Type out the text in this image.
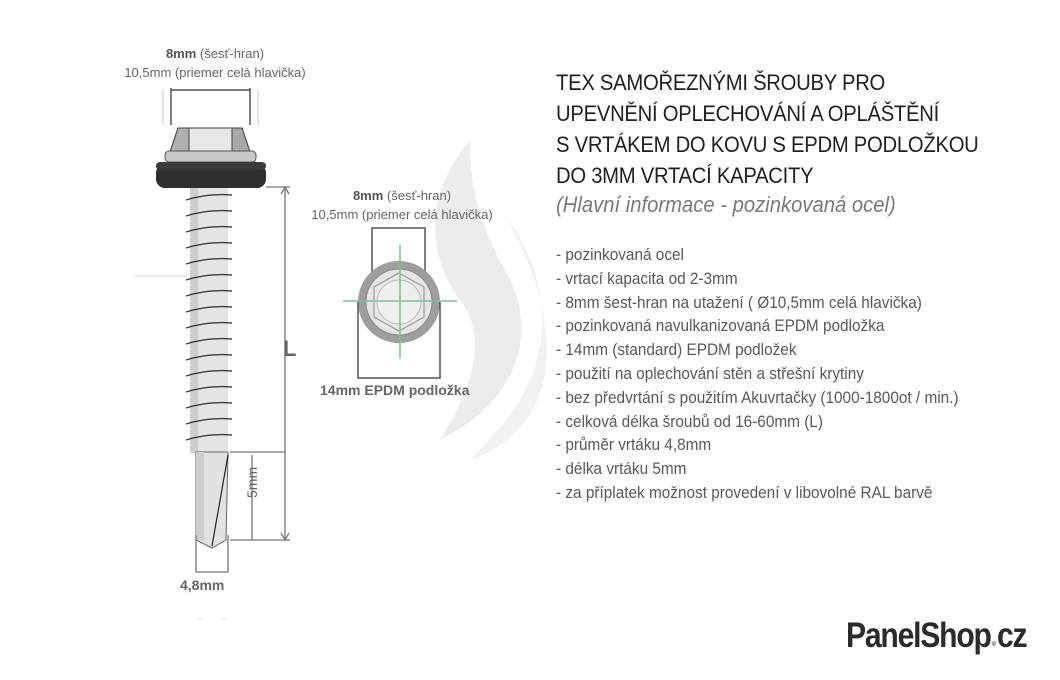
8mm (šesť-hran)
10,5mm (priemer celá hlavička)
L
5mm
4,8mm
8mm (šesť-hran)
10,5mm (priemer celá hlavička)
14mm EPDM podložka
TEX SAMOŘEZNÝMI ŠROUBY PRO
UPEVNĚNÍ OPLECHOVÁNÍ A OPLÁŠTĚNÍ
S VRTÁKEM DO KOVU S EPDM PODLOŽKOU
DO 3MM VRTACÍ KAPACITY
(Hlavní informace - pozinkovaná ocel)
- pozinkovaná ocel
- vrtací kapacita od 2-3mm
- 8mm šest-hran na utažení ( Ø10,5mm celá hlavička)
- pozinkovaná navulkanizovaná EPDM podložka
- 14mm (standard) EPDM podložek
- použití na oplechování stěn a střešní krytiny
- bez předvrtání s použitím Akuvrtačky (1000-1800ot / min.)
- celková délka šroubů od 16-60mm (L)
- průměr vrtáku 4,8mm
- délka vrtáku 5mm
- za příplatek možnost provedení v libovolné RAL barvě
PanelShop●cz
